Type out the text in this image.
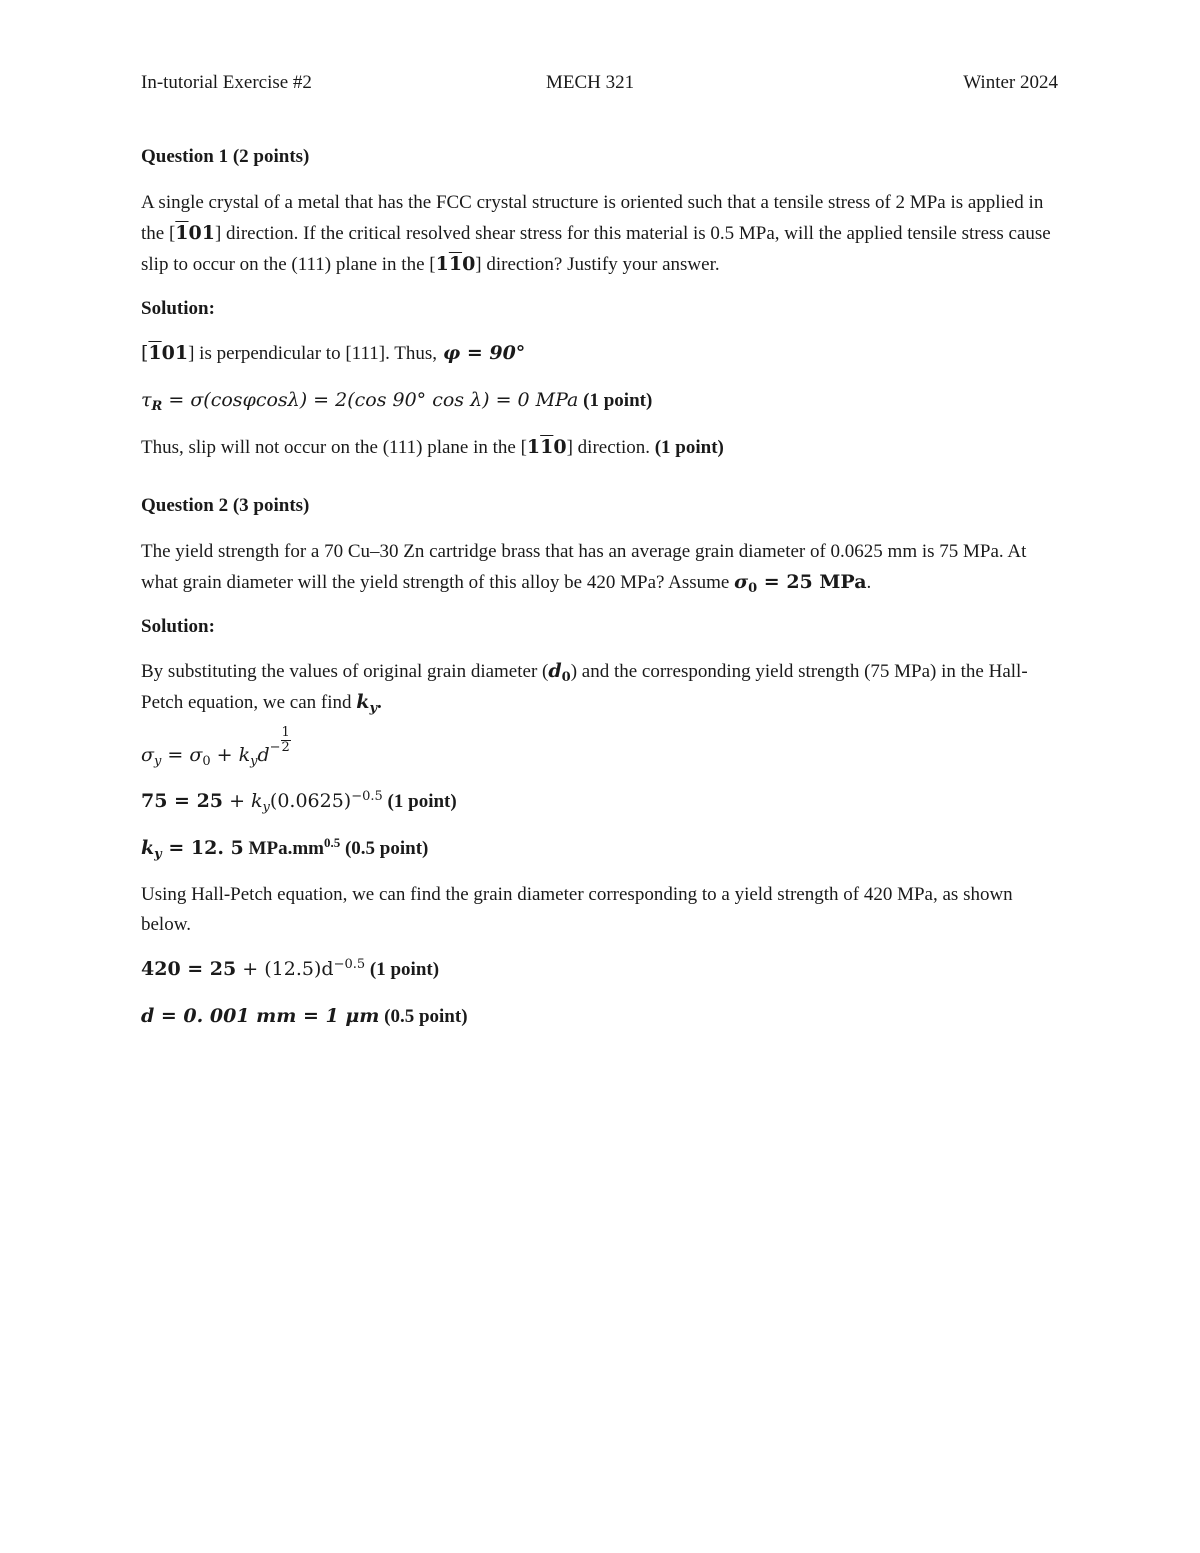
In-tutorial Exercise #2	MECH 321	Winter 2024

Question 1 (2 points)

A single crystal of a metal that has the FCC crystal structure is oriented such that a tensile stress of 2 MPa is applied in the [101] direction. If the critical resolved shear stress for this material is 0.5 MPa, will the applied tensile stress cause slip to occur on the (111) plane in the [110] direction? Justify your answer.

Solution:

[101] is perpendicular to [111]. Thus, φ = 90°

$\tau_R = \sigma(\cos\varphi\cos\lambda) = 2(\cos$ 90° cos λ) = 0 MPa (1 point)

Thus, slip will not occur on the (111) plane in the [110] direction. (1 point)

Question 2 (3 points)

The yield strength for a 70 Cu–30 Zn cartridge brass that has an average grain diameter of 0.0625 mm is 75 MPa. At what grain diameter will the yield strength of this alloy be 420 MPa? Assume $\sigma_0 = 25$ MPa.

Solution:

By substituting the values of original grain diameter $(d_0)$ and the corresponding yield strength (75 MPa) in the Hall-Petch equation, we can find $k_y$.

$\sigma_y = \sigma_0 + k_yd^- \frac{1}{2}$

$75 = 25 + k_y(0.0625)^{-0.5}$ (1 point)

$k_y = 12$. 5 $MPa.mm^{0.5}$ (0.5 point)

Using Hall-Petch equation, we can find the grain diameter corresponding to a yield strength of 420 MPa, as shown below.

$420 = 25 + (12.5)d^{-0.5}$ (1 point)

d = 0. 001 mm = 1 μm (0.5 point)
